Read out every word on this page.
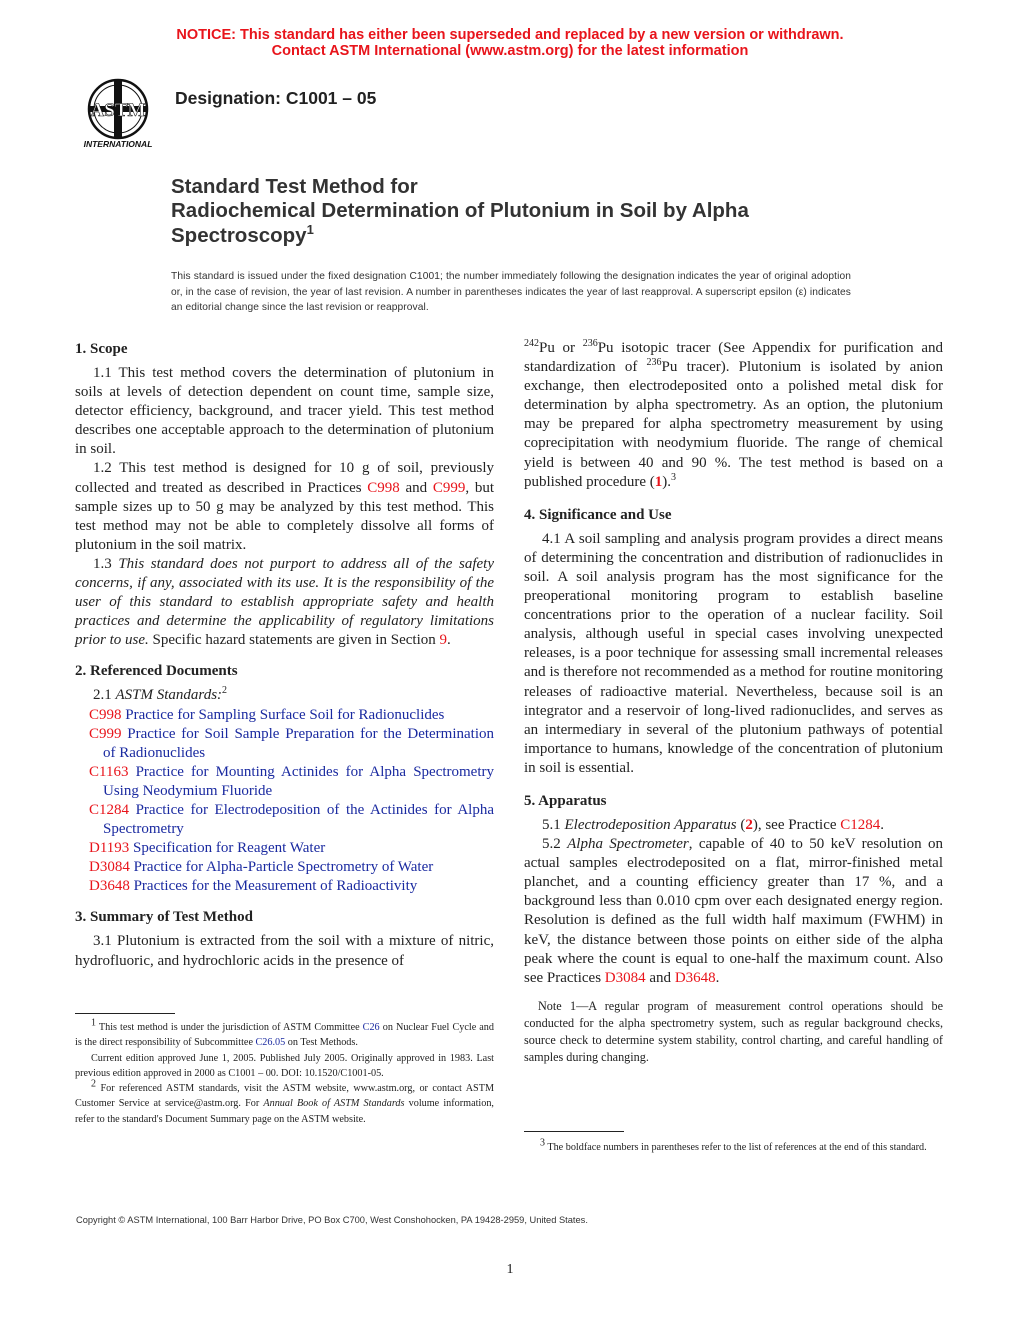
NOTICE: This standard has either been superseded and replaced by a new version or withdrawn.
Contact ASTM International (www.astm.org) for the latest information
ASTM
INTERNATIONAL
Designation: C1001 – 05
Standard Test Method for
Radiochemical Determination of Plutonium in Soil by Alpha Spectroscopy$^1$
This standard is issued under the fixed designation C1001; the number immediately following the designation indicates the year of original adoption or, in the case of revision, the year of last revision. A number in parentheses indicates the year of last reapproval. A superscript epsilon (ε) indicates an editorial change since the last revision or reapproval.
1. Scope

1.1 This test method covers the determination of plutonium in soils at levels of detection dependent on count time, sample size, detector efficiency, background, and tracer yield. This test method describes one acceptable approach to the determination of plutonium in soil.

1.2 This test method is designed for 10 g of soil, previously collected and treated as described in Practices C998 and C999, but sample sizes up to 50 g may be analyzed by this test method. This test method may not be able to completely dissolve all forms of plutonium in the soil matrix.

1.3 This standard does not purport to address all of the safety concerns, if any, associated with its use. It is the responsibility of the user of this standard to establish appropriate safety and health practices and determine the applicability of regulatory limitations prior to use. Specific hazard statements are given in Section 9.

2. Referenced Documents

2.1 ASTM Standards:$^2$

C998 Practice for Sampling Surface Soil for Radionuclides

C999 Practice for Soil Sample Preparation for the Determination of Radionuclides

C1163 Practice for Mounting Actinides for Alpha Spectrometry Using Neodymium Fluoride

C1284 Practice for Electrodeposition of the Actinides for Alpha Spectrometry

D1193 Specification for Reagent Water

D3084 Practice for Alpha-Particle Spectrometry of Water

D3648 Practices for the Measurement of Radioactivity

3. Summary of Test Method

3.1 Plutonium is extracted from the soil with a mixture of nitric, hydrofluoric, and hydrochloric acids in the presence of

$^1$ This test method is under the jurisdiction of ASTM Committee C26 on Nuclear Fuel Cycle and is the direct responsibility of Subcommittee C26.05 on Test Methods.

Current edition approved June 1, 2005. Published July 2005. Originally approved in 1983. Last previous edition approved in 2000 as C1001 – 00. DOI: 10.1520/C1001-05.

$^2$ For referenced ASTM standards, visit the ASTM website, www.astm.org, or contact ASTM Customer Service at service@astm.org. For Annual Book of ASTM Standards volume information, refer to the standard's Document Summary page on the ASTM website.

$^{242}$Pu or $^{236}$Pu isotopic tracer (See Appendix for purification and standardization of $^{236}$Pu tracer). Plutonium is isolated by anion exchange, then electrodeposited onto a polished metal disk for determination by alpha spectrometry. As an option, the plutonium may be prepared for alpha spectrometry measurement by using coprecipitation with neodymium fluoride. The range of chemical yield is between 40 and 90 %. The test method is based on a published procedure (1).$^3$

4. Significance and Use

4.1 A soil sampling and analysis program provides a direct means of determining the concentration and distribution of radionuclides in soil. A soil analysis program has the most significance for the preoperational monitoring program to establish baseline concentrations prior to the operation of a nuclear facility. Soil analysis, although useful in special cases involving unexpected releases, is a poor technique for assessing small incremental releases and is therefore not recommended as a method for routine monitoring releases of radioactive material. Nevertheless, because soil is an integrator and a reservoir of long-lived radionuclides, and serves as an intermediary in several of the plutonium pathways of potential importance to humans, knowledge of the concentration of plutonium in soil is essential.

5. Apparatus

5.1 Electrodeposition Apparatus (2), see Practice C1284.

5.2 Alpha Spectrometer, capable of 40 to 50 keV resolution on actual samples electrodeposited on a flat, mirror-finished metal planchet, and a counting efficiency greater than 17 %, and a background less than 0.010 cpm over each designated energy region. Resolution is defined as the full width half maximum (FWHM) in keV, the distance between those points on either side of the alpha peak where the count is equal to one-half the maximum count. Also see Practices D3084 and D3648.

Note 1—A regular program of measurement control operations should be conducted for the alpha spectrometry system, such as regular background checks, source check to determine system stability, control charting, and careful handling of samples during changing.

$^3$ The boldface numbers in parentheses refer to the list of references at the end of this standard.

Copyright © ASTM International, 100 Barr Harbor Drive, PO Box C700, West Conshohocken, PA 19428-2959, United States.
1
